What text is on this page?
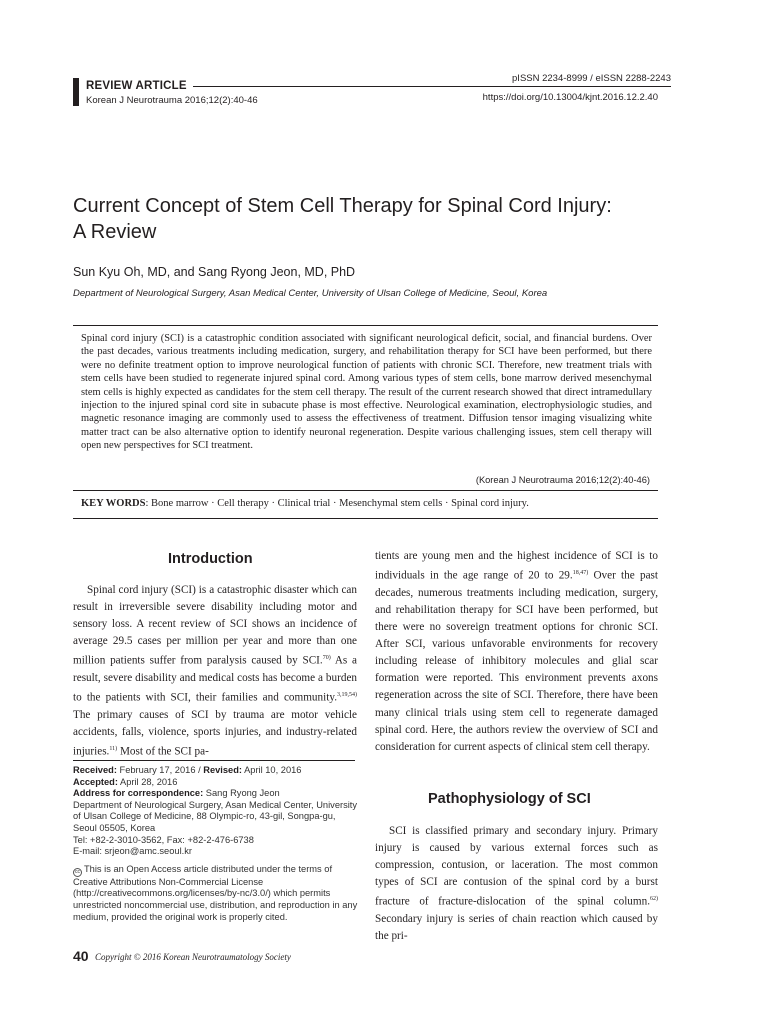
REVIEW ARTICLE
Korean J Neurotrauma 2016;12(2):40-46
pISSN 2234-8999 / eISSN 2288-2243
https://doi.org/10.13004/kjnt.2016.12.2.40
Current Concept of Stem Cell Therapy for Spinal Cord Injury:
A Review
Sun Kyu Oh, MD, and Sang Ryong Jeon, MD, PhD
Department of Neurological Surgery, Asan Medical Center, University of Ulsan College of Medicine, Seoul, Korea
Spinal cord injury (SCI) is a catastrophic condition associated with significant neurological deficit, social, and financial burdens. Over the past decades, various treatments including medication, surgery, and rehabilitation therapy for SCI have been performed, but there were no definite treatment option to improve neurological function of patients with chronic SCI. Therefore, new treatment trials with stem cells have been studied to regenerate injured spinal cord. Among various types of stem cells, bone marrow derived mesenchymal stem cells is highly expected as candidates for the stem cell therapy. The result of the current research showed that direct intramedullary injection to the injured spinal cord site in subacute phase is most effective. Neurological examination, electrophysiologic studies, and magnetic resonance imaging are commonly used to assess the effectiveness of treatment. Diffusion tensor imaging visualizing white matter tract can be also alternative option to identify neuronal regeneration. Despite various challenging issues, stem cell therapy will open new perspectives for SCI treatment.
(Korean J Neurotrauma 2016;12(2):40-46)
KEY WORDS: Bone marrow · Cell therapy · Clinical trial · Mesenchymal stem cells · Spinal cord injury.
Introduction

Spinal cord injury (SCI) is a catastrophic disaster which can result in irreversible severe disability including motor and sensory loss. A recent review of SCI shows an incidence of average 29.5 cases per million per year and more than one million patients suffer from paralysis caused by SCI.$^{70)}$ As a result, severe disability and medical costs has become a burden to the patients with SCI, their families and community.$^{3,19,54)}$ The primary causes of SCI by trauma are motor vehicle accidents, falls, violence, sports injuries, and industry-related injuries.$^{11)}$ Most of the SCI pa-

Received: February 17, 2016 / Revised: April 10, 2016
Accepted: April 28, 2016
Address for correspondence: Sang Ryong Jeon
Department of Neurological Surgery, Asan Medical Center, University of Ulsan College of Medicine, 88 Olympic-ro, 43-gil, Songpa-gu, Seoul 05505, Korea
Tel: +82-2-3010-3562, Fax: +82-2-476-6738
E-mail: srjeon@amc.seoul.kr
cc This is an Open Access article distributed under the terms of Creative Attributions Non-Commercial License (http://creativecommons.org/licenses/by-nc/3.0/) which permits unrestricted noncommercial use, distribution, and reproduction in any medium, provided the original work is properly cited.

tients are young men and the highest incidence of SCI is to individuals in the age range of 20 to 29.$^{18,47)}$ Over the past decades, numerous treatments including medication, surgery, and rehabilitation therapy for SCI have been performed, but there were no sovereign treatment options for chronic SCI. After SCI, various unfavorable environments for recovery including release of inhibitory molecules and glial scar formation were reported. This environment prevents axons regeneration across the site of SCI. Therefore, there have been many clinical trials using stem cell to regenerate damaged spinal cord. Here, the authors review the overview of SCI and consideration for current aspects of clinical stem cell therapy.

Pathophysiology of SCI

SCI is classified primary and secondary injury. Primary injury is caused by various external forces such as compression, contusion, or laceration. The most common types of SCI are contusion of the spinal cord by a burst fracture of fracture-dislocation of the spinal column.$^{62)}$ Secondary injury is series of chain reaction which caused by the pri-

40 Copyright © 2016 Korean Neurotraumatology Society
